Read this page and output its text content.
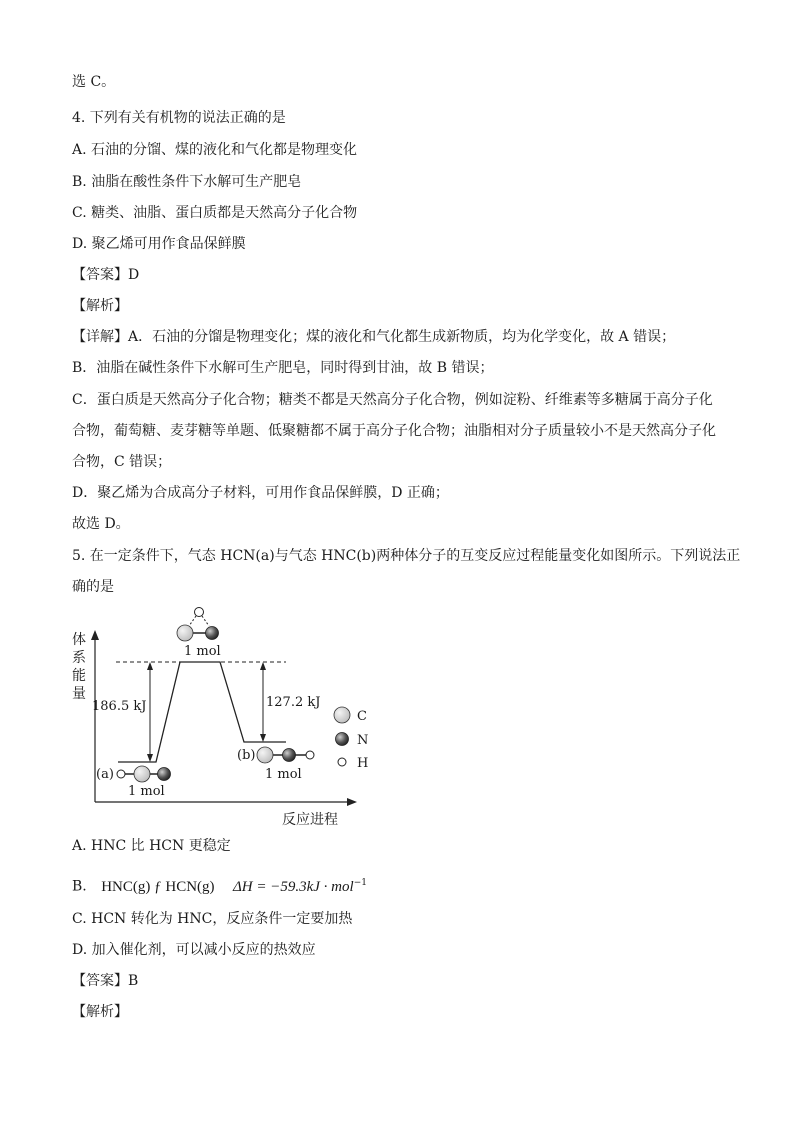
选 C。
4. 下列有关有机物的说法正确的是
A. 石油的分馏、煤的液化和气化都是物理变化
B. 油脂在酸性条件下水解可生产肥皂
C. 糖类、油脂、蛋白质都是天然高分子化合物
D. 聚乙烯可用作食品保鲜膜
【答案】D
【解析】
【详解】A．石油的分馏是物理变化；煤的液化和气化都生成新物质，均为化学变化，故 A 错误；
B．油脂在碱性条件下水解可生产肥皂，同时得到甘油，故 B 错误；
C．蛋白质是天然高分子化合物；糖类不都是天然高分子化合物，例如淀粉、纤维素等多糖属于高分子化
合物，葡萄糖、麦芽糖等单题、低聚糖都不属于高分子化合物；油脂相对分子质量较小不是天然高分子化
合物，C 错误；
D．聚乙烯为合成高分子材料，可用作食品保鲜膜，D 正确；
故选 D。
5. 在一定条件下，气态 HCN(a)与气态 HNC(b)两种体分子的互变反应过程能量变化如图所示。下列说法正
确的是
体
系
能
量
反应进程
186.5 kJ	127.2 kJ
1 mol
(a)
1 mol
(b)
1 mol
C
N
H
A. HNC 比 HCN 更稳定
B. HNC(g) ƒ HCN(g) ΔH = −59.3kJ · mol$^{-1}$
C. HCN 转化为 HNC，反应条件一定要加热
D. 加入催化剂，可以减小反应的热效应
【答案】B
【解析】
